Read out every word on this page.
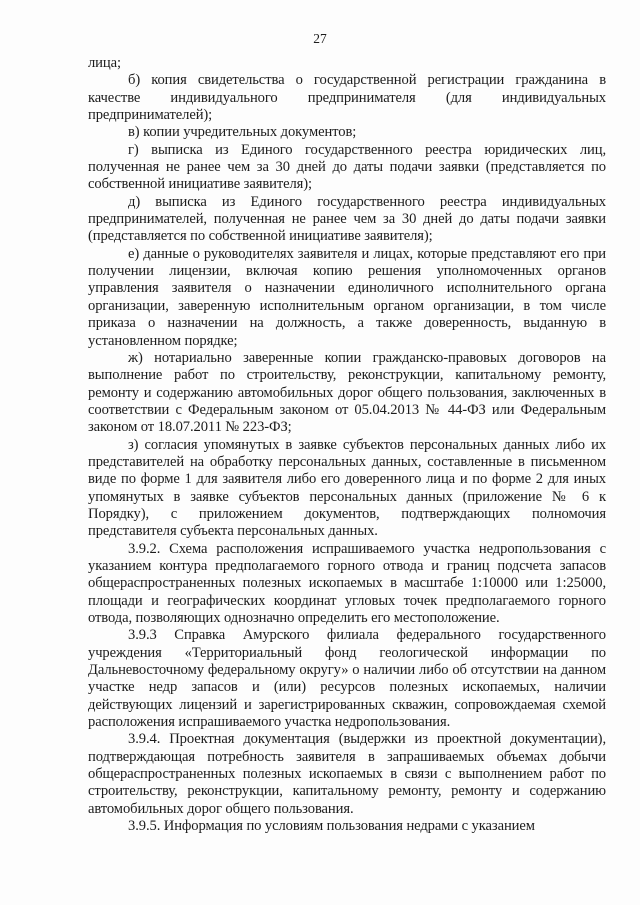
27

лица;

б) копия свидетельства о государственной регистрации гражданина в качестве индивидуального предпринимателя (для индивидуальных предпринимателей);

в) копии учредительных документов;

г) выписка из Единого государственного реестра юридических лиц, полученная не ранее чем за 30 дней до даты подачи заявки (представляется по собственной инициативе заявителя);

д) выписка из Единого государственного реестра индивидуальных предпринимателей, полученная не ранее чем за 30 дней до даты подачи заявки (представляется по собственной инициативе заявителя);

е) данные о руководителях заявителя и лицах, которые представляют его при получении лицензии, включая копию решения уполномоченных органов управления заявителя о назначении единоличного исполнительного органа организации, заверенную исполнительным органом организации, в том числе приказа о назначении на должность, а также доверенность, выданную в установленном порядке;

ж) нотариально заверенные копии гражданско-правовых договоров на выполнение работ по строительству, реконструкции, капитальному ремонту, ремонту и содержанию автомобильных дорог общего пользования, заключенных в соответствии с Федеральным законом от 05.04.2013 № 44-ФЗ или Федеральным законом от 18.07.2011 № 223-ФЗ;

з) согласия упомянутых в заявке субъектов персональных данных либо их представителей на обработку персональных данных, составленные в письменном виде по форме 1 для заявителя либо его доверенного лица и по форме 2 для иных упомянутых в заявке субъектов персональных данных (приложение № 6 к Порядку), с приложением документов, подтверждающих полномочия представителя субъекта персональных данных.

3.9.2. Схема расположения испрашиваемого участка недропользования с указанием контура предполагаемого горного отвода и границ подсчета запасов общераспространенных полезных ископаемых в масштабе 1:10000 или 1:25000, площади и географических координат угловых точек предполагаемого горного отвода, позволяющих однозначно определить его местоположение.

3.9.3 Справка Амурского филиала федерального государственного учреждения «Территориальный фонд геологической информации по Дальневосточному федеральному округу» о наличии либо об отсутствии на данном участке недр запасов и (или) ресурсов полезных ископаемых, наличии действующих лицензий и зарегистрированных скважин, сопровождаемая схемой расположения испрашиваемого участка недропользования.

3.9.4. Проектная документация (выдержки из проектной документации), подтверждающая потребность заявителя в запрашиваемых объемах добычи общераспространенных полезных ископаемых в связи с выполнением работ по строительству, реконструкции, капитальному ремонту, ремонту и содержанию автомобильных дорог общего пользования.

3.9.5. Информация по условиям пользования недрами с указанием
